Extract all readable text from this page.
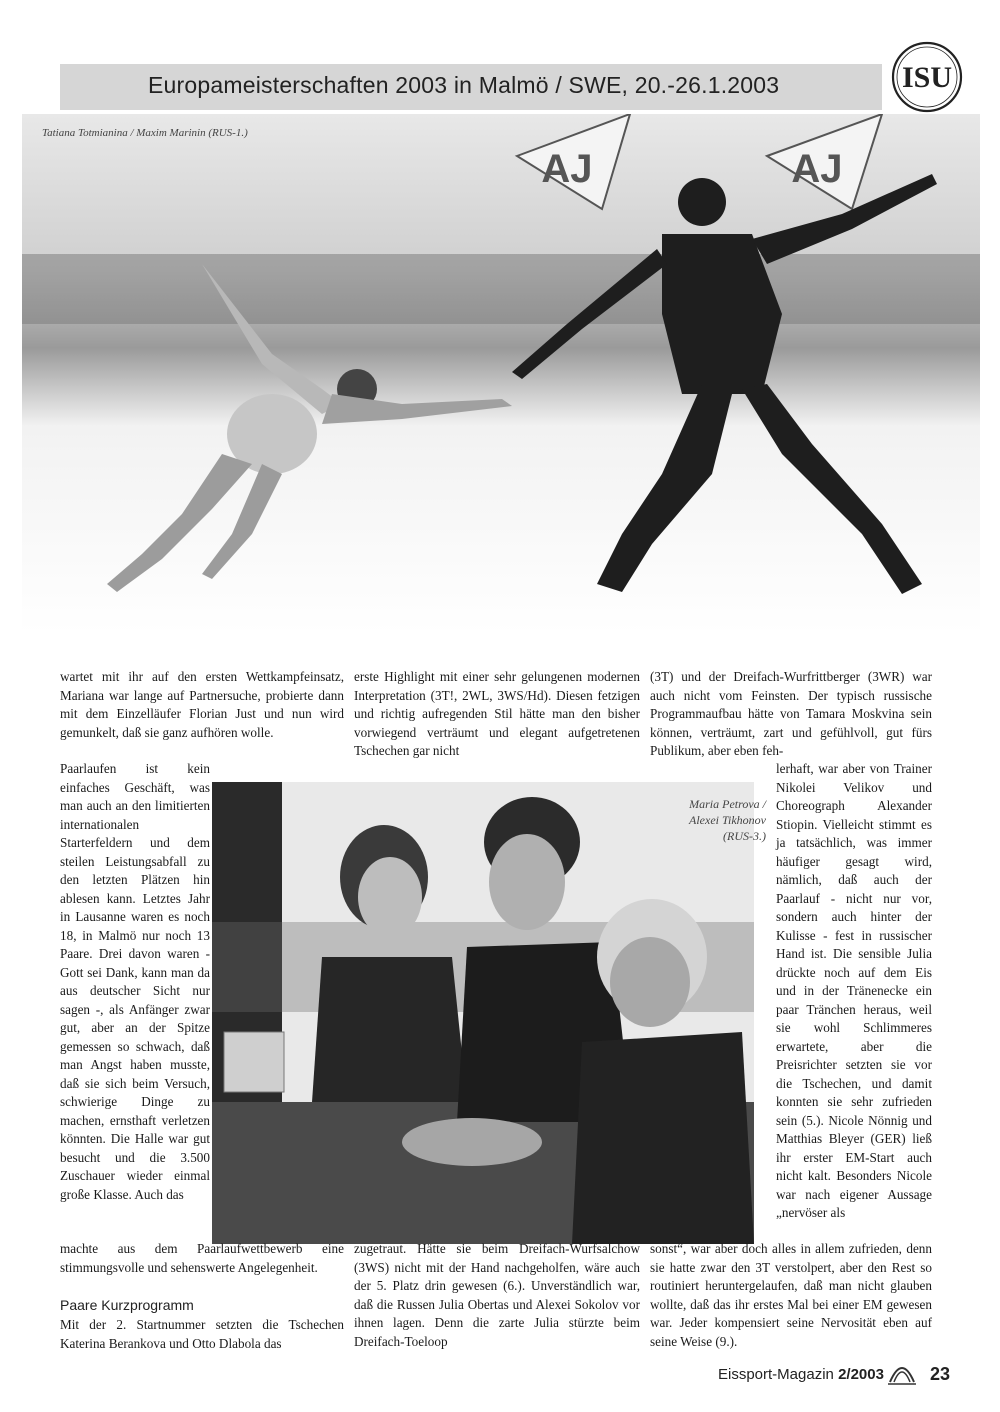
Europameisterschaften 2003 in Malmö / SWE, 20.-26.1.2003	ISU
AJ	AJ
Tatiana Totmianina / Maxim Marinin (RUS-1.)
Maria Petrova /
Alexei Tikhonov
(RUS-3.)
wartet mit ihr auf den ersten Wettkampfeinsatz, Mariana war lange auf Partnersuche, probierte dann mit dem Einzelläufer Florian Just und nun wird gemunkelt, daß sie ganz aufhören wolle.
Paarlaufen ist kein einfaches Geschäft, was man auch an den limitierten internationalen Starterfeldern und dem steilen Leistungsabfall zu den letzten Plätzen hin ablesen kann. Letztes Jahr in Lausanne waren es noch 18, in Malmö nur noch 13 Paare. Drei davon waren - Gott sei Dank, kann man da aus deutscher Sicht nur sagen -, als Anfänger zwar gut, aber an der Spitze gemessen so schwach, daß man Angst haben musste, daß sie sich beim Versuch, schwierige Dinge zu machen, ernsthaft verletzen könnten. Die Halle war gut besucht und die 3.500 Zuschauer wieder einmal große Klasse. Auch das
machte aus dem Paarlaufwettbewerb eine stimmungsvolle und sehenswerte Angelegenheit.
Paare Kurzprogramm
Mit der 2. Startnummer setzten die Tschechen Katerina Berankova und Otto Dlabola das
erste Highlight mit einer sehr gelungenen modernen Interpretation (3T!, 2WL, 3WS/Hd). Diesen fetzigen und richtig aufregenden Stil hätte man den bisher vorwiegend verträumt und elegant aufgetretenen Tschechen gar nicht
zugetraut. Hätte sie beim Dreifach-Wurfsalchow (3WS) nicht mit der Hand nachgeholfen, wäre auch der 5. Platz drin gewesen (6.). Unverständlich war, daß die Russen Julia Obertas und Alexei Sokolov vor ihnen lagen. Denn die zarte Julia stürzte beim Dreifach-Toeloop
(3T) und der Dreifach-Wurfrittberger (3WR) war auch nicht vom Feinsten. Der typisch russische Programmaufbau hätte von Tamara Moskvina sein können, verträumt, zart und gefühlvoll, gut fürs Publikum, aber eben feh-
lerhaft, war aber von Trainer Nikolei Velikov und Choreograph Alexander Stiopin. Vielleicht stimmt es ja tatsächlich, was immer häufiger gesagt wird, nämlich, daß auch der Paarlauf - nicht nur vor, sondern auch hinter der Kulisse - fest in russischer Hand ist. Die sensible Julia drückte noch auf dem Eis und in der Tränenecke ein paar Tränchen heraus, weil sie wohl Schlimmeres erwartete, aber die Preisrichter setzten sie vor die Tschechen, und damit konnten sie sehr zufrieden sein (5.). Nicole Nönnig und Matthias Bleyer (GER) ließ ihr erster EM-Start auch nicht kalt. Besonders Nicole war nach eigener Aussage „nervöser als
sonst“, war aber doch alles in allem zufrieden, denn sie hatte zwar den 3T verstolpert, aber den Rest so routiniert heruntergelaufen, daß man nicht glauben wollte, daß das ihr erstes Mal bei einer EM gewesen war. Jeder kompensiert seine Nervosität eben auf seine Weise (9.).
Eissport-Magazin 2/2003	23
